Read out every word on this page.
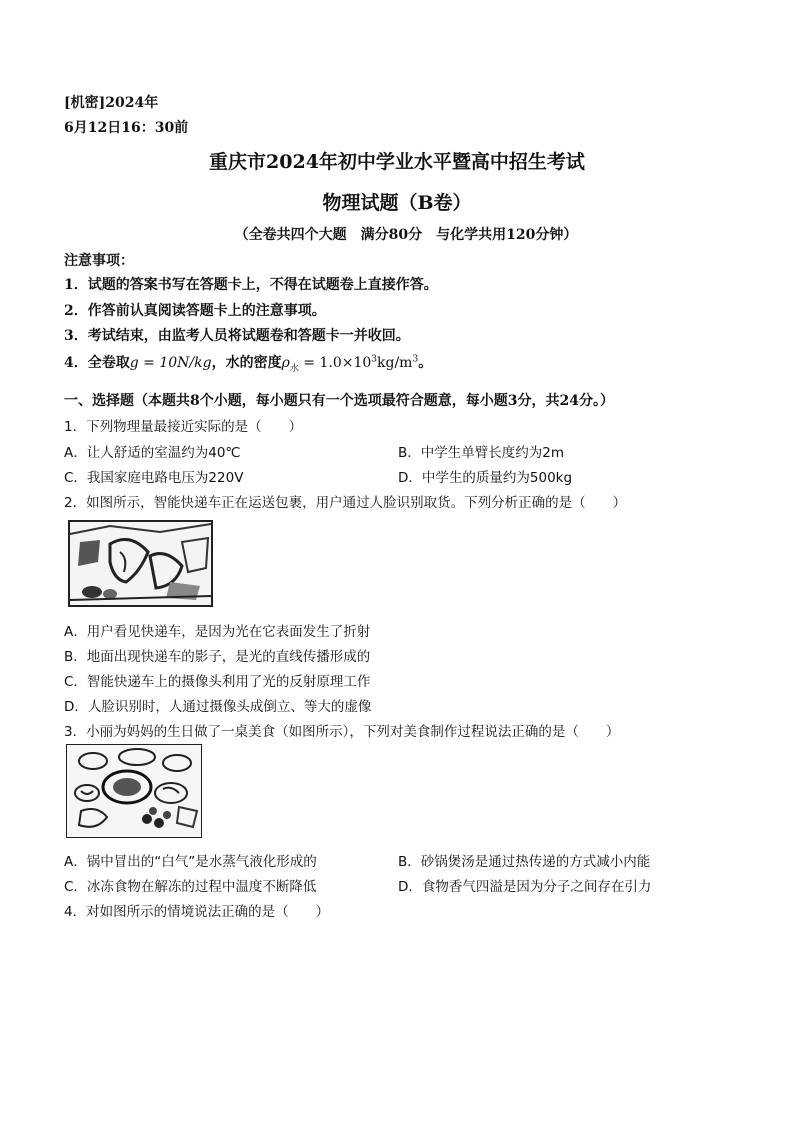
[机密]2024年
6月12日16：30前
重庆市2024年初中学业水平暨高中招生考试
物理试题（B卷）
（全卷共四个大题　满分80分　与化学共用120分钟）
注意事项：
1．试题的答案书写在答题卡上，不得在试题卷上直接作答。
2．作答前认真阅读答题卡上的注意事项。
3．考试结束，由监考人员将试题卷和答题卡一并收回。
4．全卷取g = 10N/kg，水的密度$\rho_水 = 1.0\times 10^3kg/m^3$。
一、选择题（本题共8个小题，每小题只有一个选项最符合题意，每小题3分，共24分。）
1．下列物理量最接近实际的是（　　）
A．让人舒适的室温约为40℃	B．中学生单臂长度约为2m
C．我国家庭电路电压为220V	D．中学生的质量约为500kg
2．如图所示，智能快递车正在运送包裹，用户通过人脸识别取货。下列分析正确的是（　　）
A．用户看见快递车，是因为光在它表面发生了折射
B．地面出现快递车的影子，是光的直线传播形成的
C．智能快递车上的摄像头利用了光的反射原理工作
D．人脸识别时，人通过摄像头成倒立、等大的虚像
3．小丽为妈妈的生日做了一桌美食（如图所示），下列对美食制作过程说法正确的是（　　）
A．锅中冒出的“白气”是水蒸气液化形成的	B．砂锅煲汤是通过热传递的方式减小内能
C．冰冻食物在解冻的过程中温度不断降低	D．食物香气四溢是因为分子之间存在引力
4．对如图所示的情境说法正确的是（　　）
